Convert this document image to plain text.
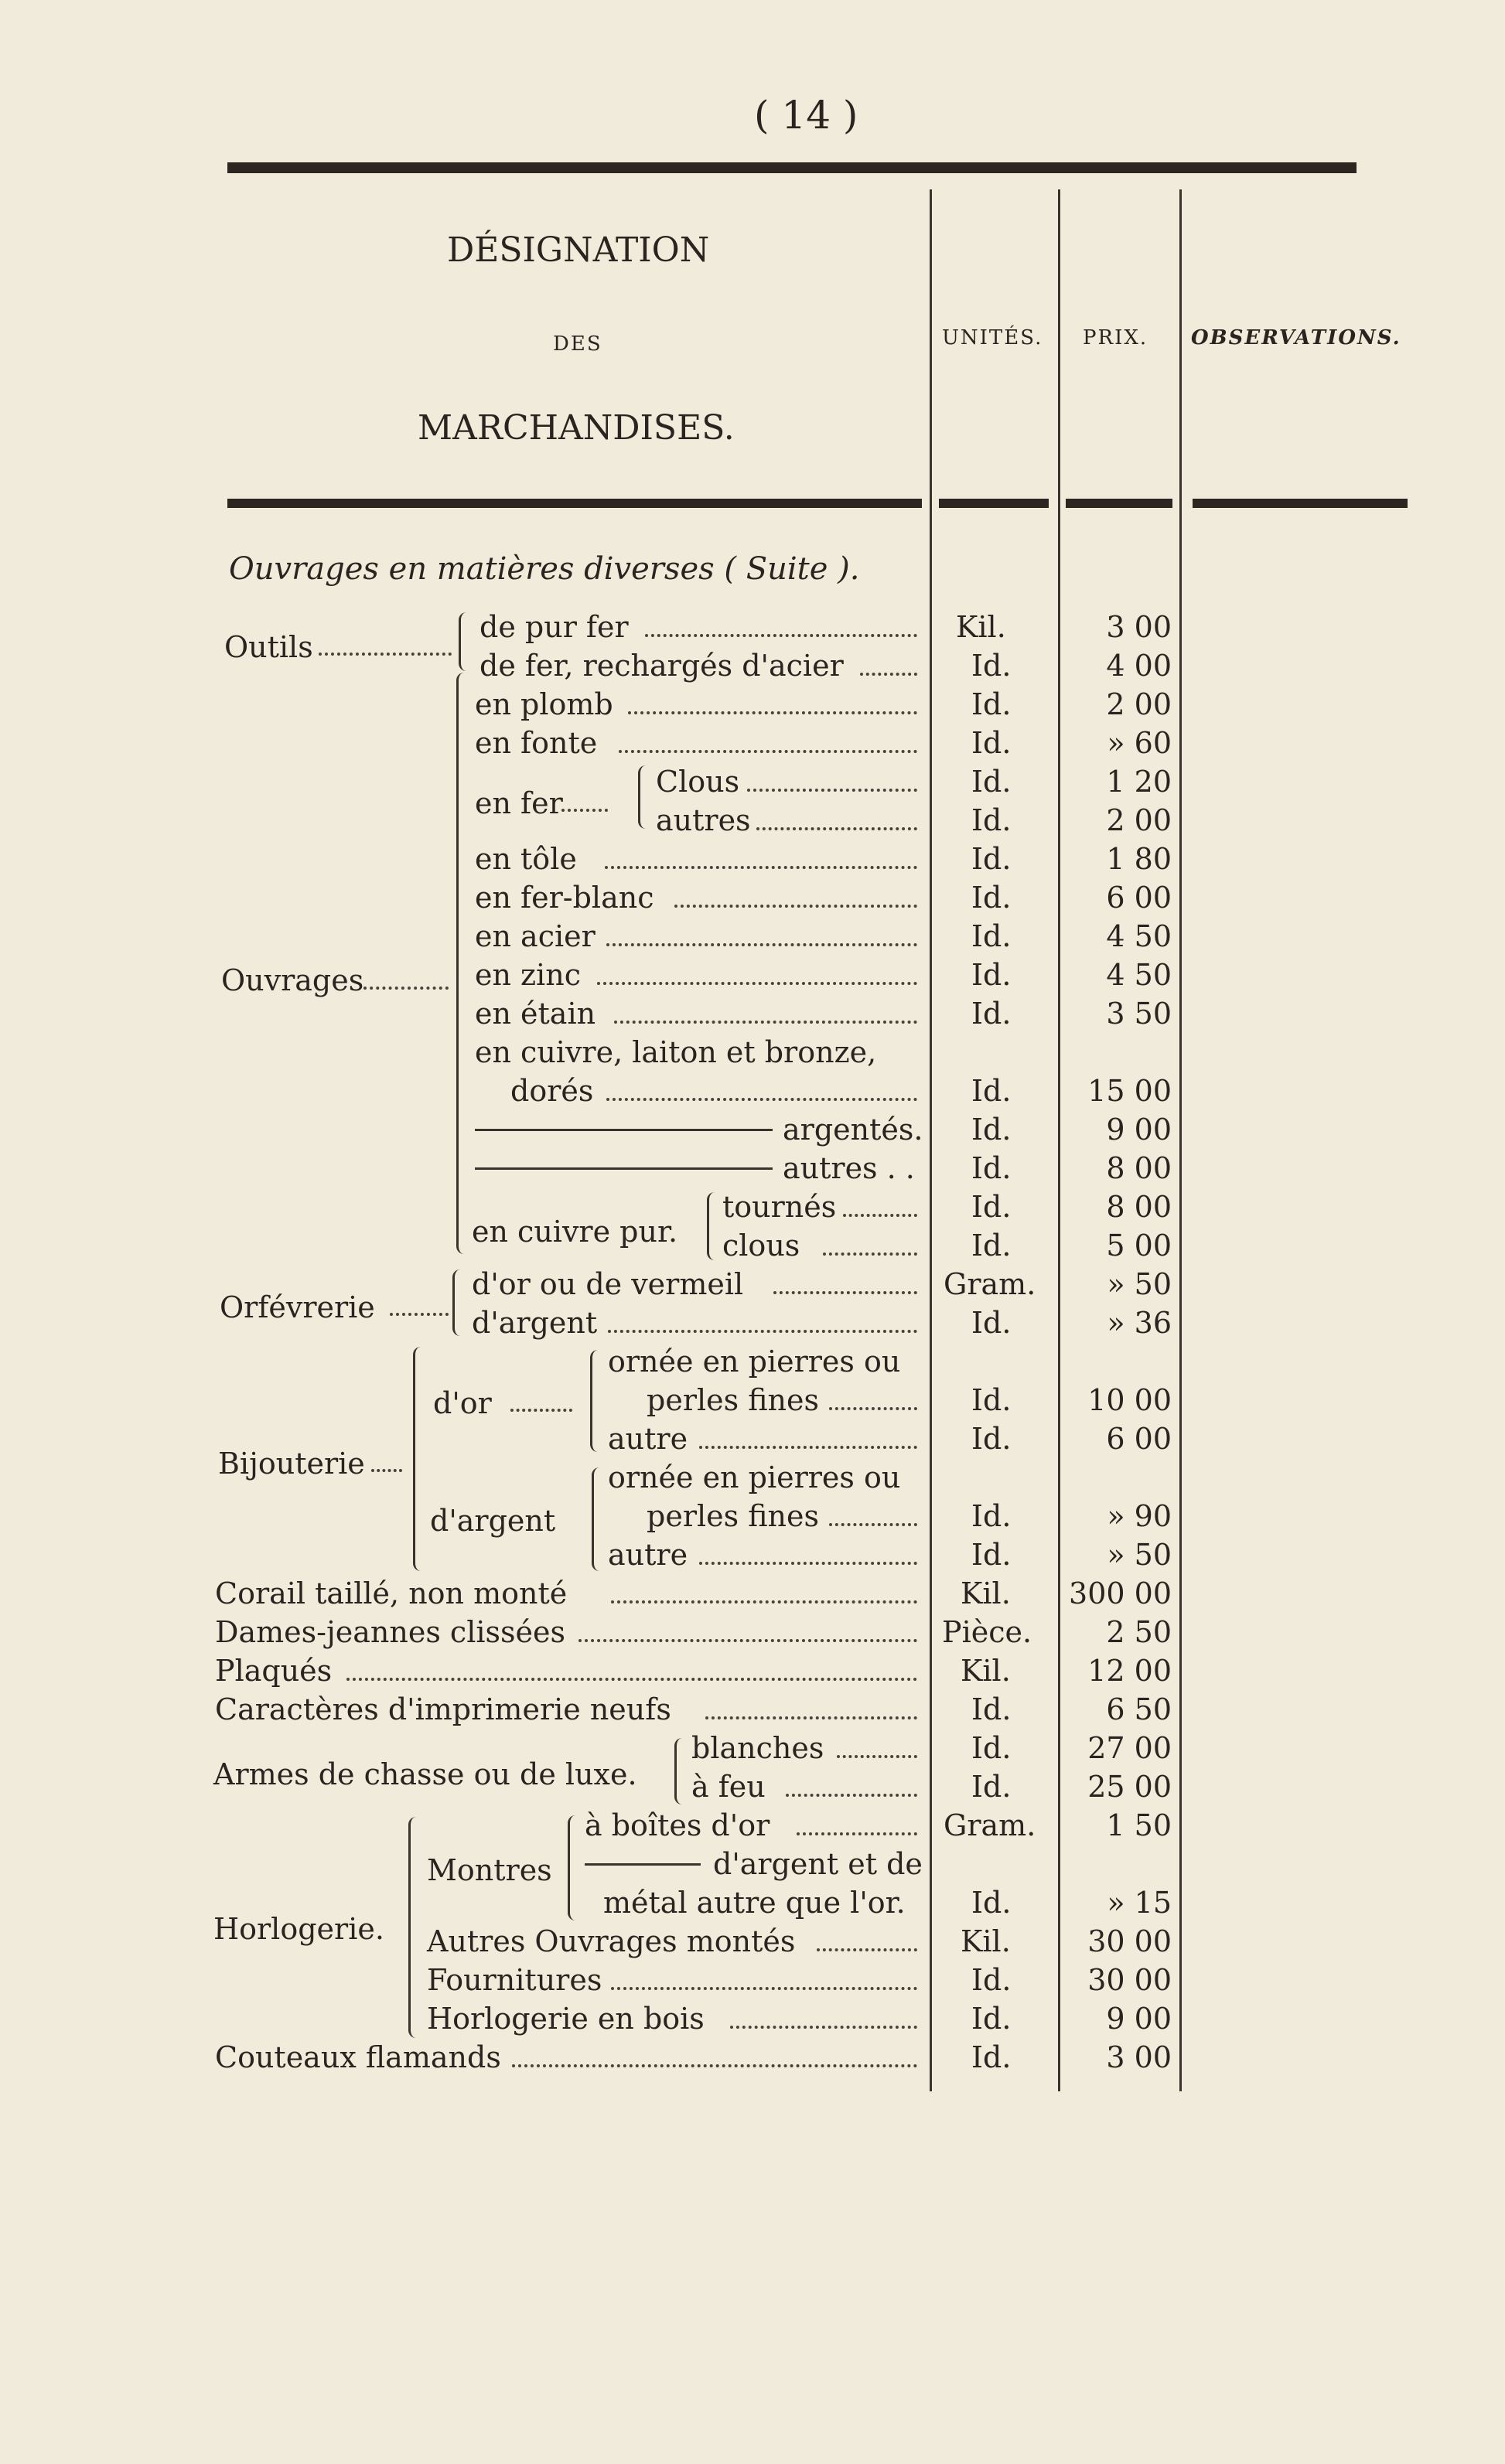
( 14 )
DÉSIGNATION
DES
MARCHANDISES.
UNITÉS. PRIX. OBSERVATIONS.
Ouvrages en matières diverses ( Suite ).
Outils
Ouvrages
en fer
en cuivre pur.
Orfévrerie
Bijouterie
d'or
d'argent
Armes de chasse ou de luxe.
Horlogerie.
Montres
de pur fer
de fer, rechargés d'acier
en plomb
en fonte
Clous
autres
en tôle
en fer-blanc
en acier
en zinc
en étain
en cuivre, laiton et bronze,
dorés
argentés.
autres . .
tournés
clous
d'or ou de vermeil
d'argent
ornée en pierres ou
perles fines
autre
ornée en pierres ou
perles fines
autre
Corail taillé, non monté
Dames-jeannes clissées
Plaqués
Caractères d'imprimerie neufs
blanches
à feu
à boîtes d'or
d'argent et de
métal autre que l'or.
Autres Ouvrages montés
Fournitures
Horlogerie en bois
Couteaux flamands
Kil.
Id.
Id.
Id.
Id.
Id.
Id.
Id.
Id.
Id.
Id.
Id.
Id.
Id.
Id.
Id.
Gram.
Id.
Id.
Id.
Id.
Id.
Kil.
Pièce.
Kil.
Id.
Id.
Id.
Gram.
Id.
Kil.
Id.
Id.
Id.
3 00
4 00
2 00
» 60
1 20
2 00
1 80
6 00
4 50
4 50
3 50
15 00
9 00
8 00
8 00
5 00
» 50
» 36
10 00
6 00
» 90
» 50
300 00
2 50
12 00
6 50
27 00
25 00
1 50
» 15
30 00
30 00
9 00
3 00
